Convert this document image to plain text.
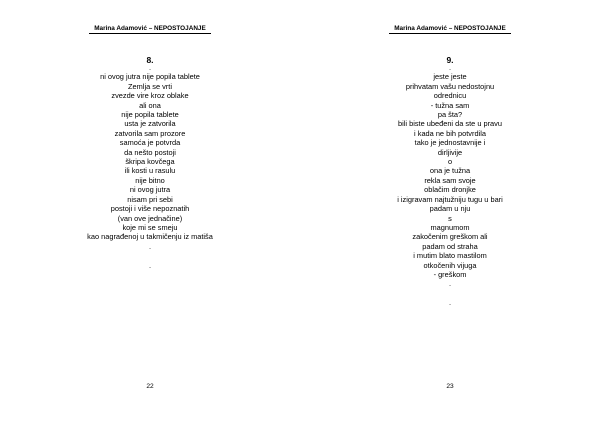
Marina Adamović – NEPOSTOJANJE
8.
.
ni ovog jutra nije popila tablete
Zemlja se vrti
zvezde vire kroz oblake
ali ona
nije popila tablete
usta je zatvorila
zatvorila sam prozore
samoća je potvrda
da nešto postoji
škripa kovčega
ili kosti u rasulu
nije bitno
ni ovog jutra
nisam pri sebi
postoji i više nepoznatih
(van ove jednačine)
koje mi se smeju
kao nagrađenoj u takmičenju iz matiša
.

.
22
Marina Adamović – NEPOSTOJANJE
9.
.
jeste jeste
prihvatam vašu nedostojnu
odrednicu
- tužna sam
pa šta?
bili biste ubeđeni da ste u pravu
i kada ne bih potvrdila
tako je jednostavnije i
dirljivije
o
ona je tužna
rekla sam svoje
oblačim dronjke
i izigravam najtužniju tugu u bari
padam u nju
s
magnumom
zakočenim greškom ali
padam od straha
i mutim blato mastilom
otkočenih vijuga
- greškom
.

.
23
